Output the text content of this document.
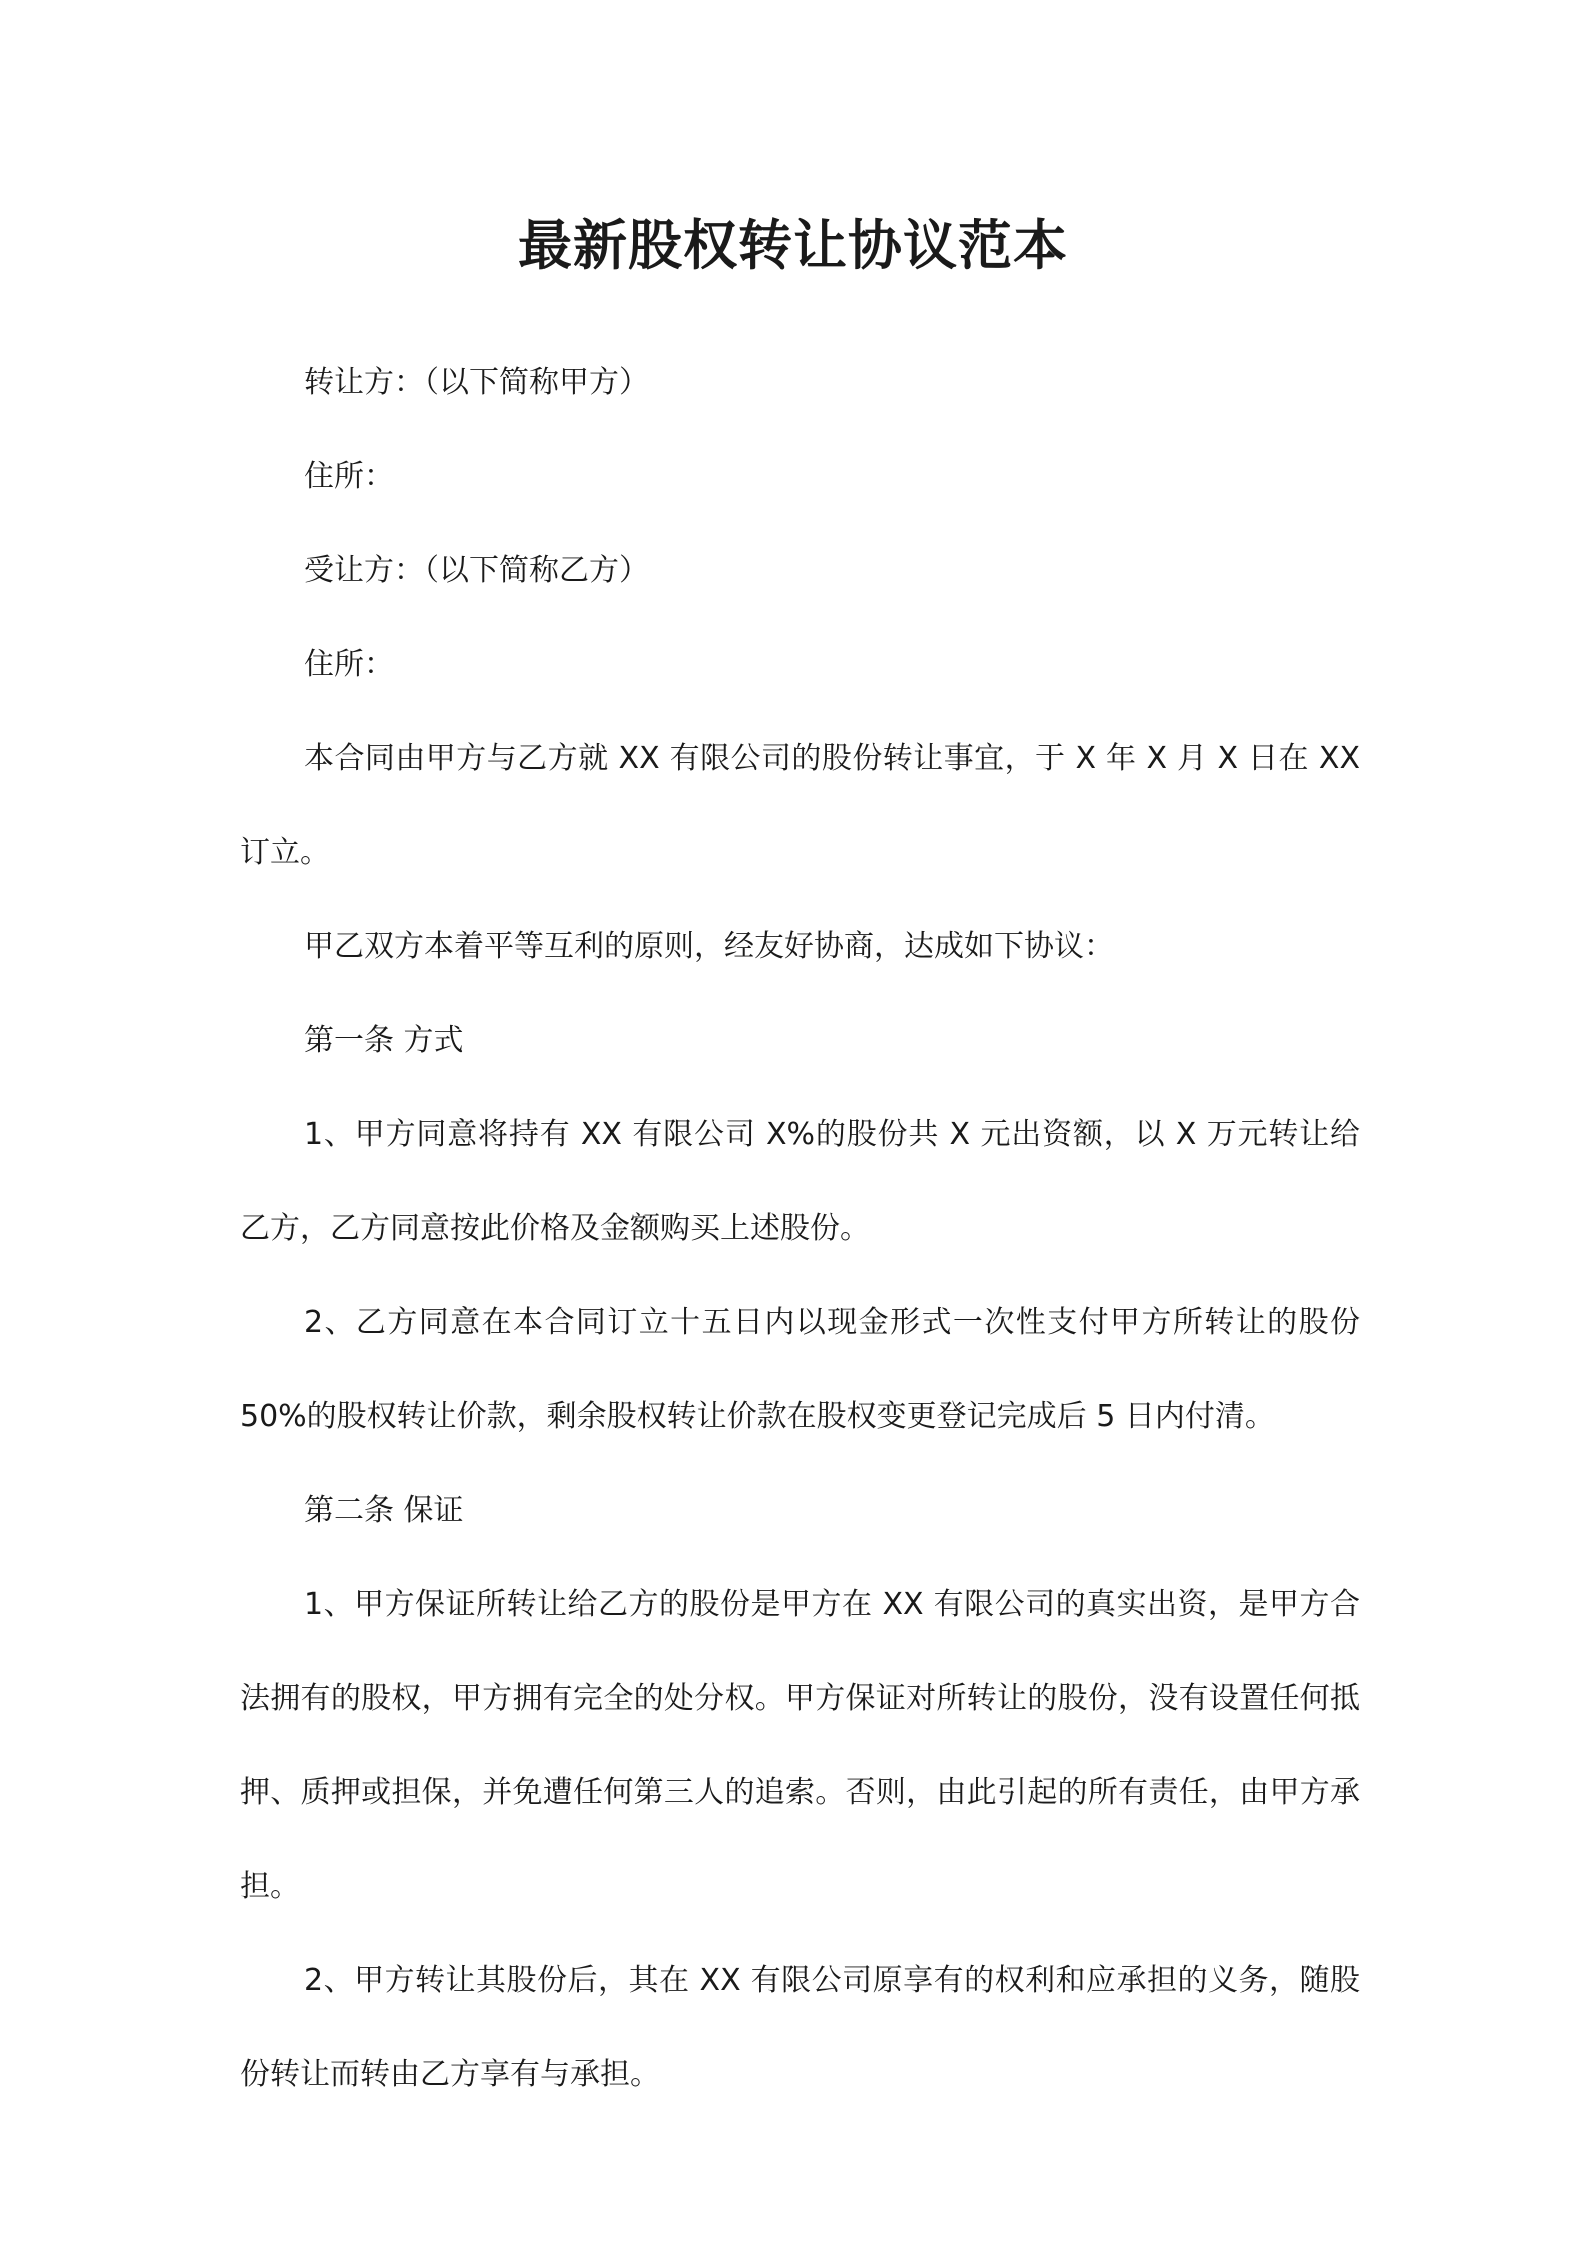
最新股权转让协议范本

转让方：（以下简称甲方）

住所：

受让方：（以下简称乙方）

住所：

本合同由甲方与乙方就 XX 有限公司的股份转让事宜，于 X 年 X 月 X 日在 XX 订立。

甲乙双方本着平等互利的原则，经友好协商，达成如下协议：

第一条 方式

1、甲方同意将持有 XX 有限公司 X%的股份共 X 元出资额，以 X 万元转让给乙方，乙方同意按此价格及金额购买上述股份。

2、乙方同意在本合同订立十五日内以现金形式一次性支付甲方所转让的股份 50%的股权转让价款，剩余股权转让价款在股权变更登记完成后 5 日内付清。

第二条 保证

1、甲方保证所转让给乙方的股份是甲方在 XX 有限公司的真实出资，是甲方合法拥有的股权，甲方拥有完全的处分权。甲方保证对所转让的股份，没有设置任何抵押、质押或担保，并免遭任何第三人的追索。否则，由此引起的所有责任，由甲方承担。

2、甲方转让其股份后，其在 XX 有限公司原享有的权利和应承担的义务，随股份转让而转由乙方享有与承担。
